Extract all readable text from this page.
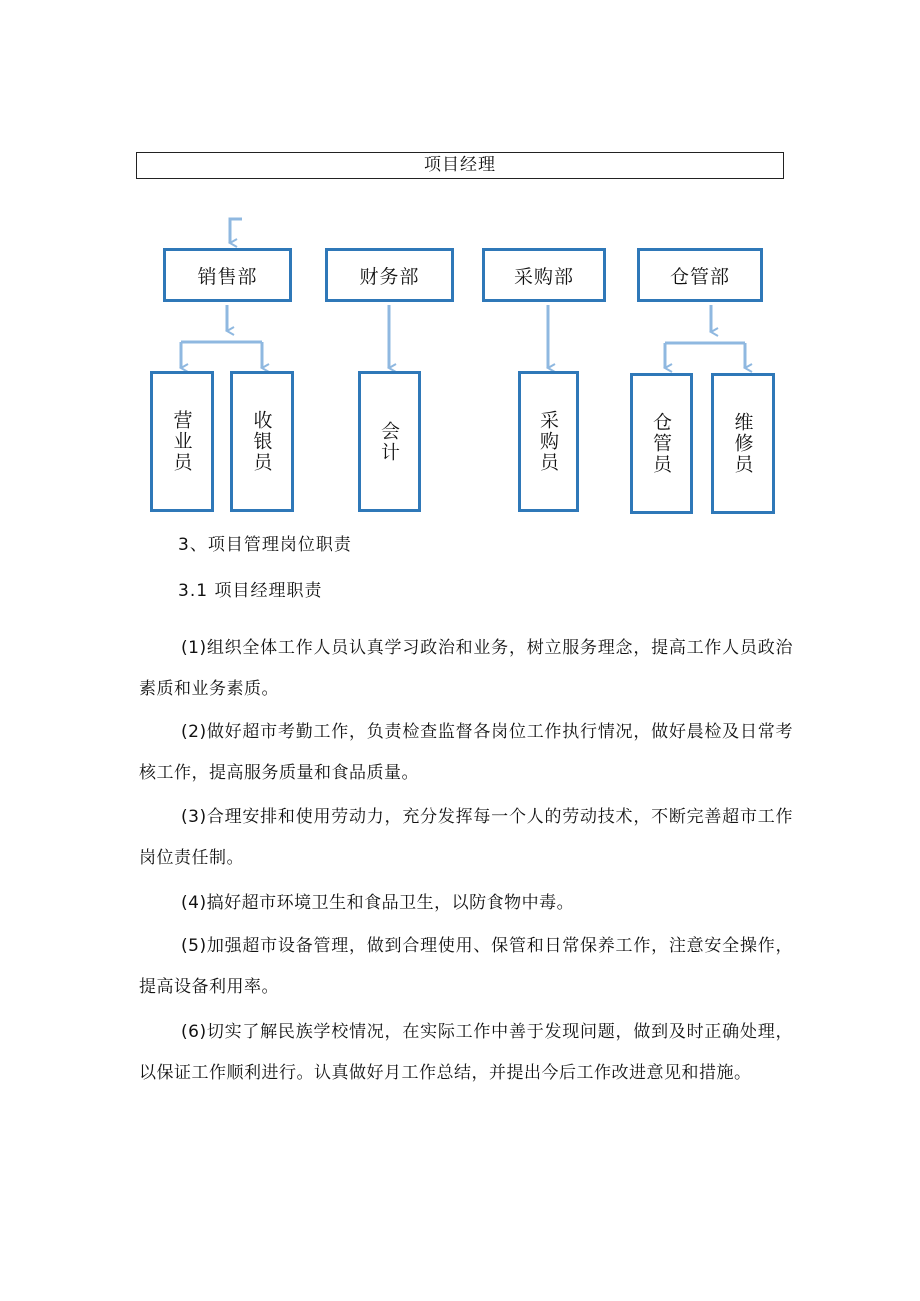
项目经理
销售部	财务部	采购部	仓管部
营业员	收银员	会计	采购员	仓管员	维修员
3、项目管理岗位职责
3.1 项目经理职责

(1)组织全体工作人员认真学习政治和业务，树立服务理念，提高工作人员政治素质和业务素质。

(2)做好超市考勤工作，负责检查监督各岗位工作执行情况，做好晨检及日常考核工作，提高服务质量和食品质量。

(3)合理安排和使用劳动力，充分发挥每一个人的劳动技术，不断完善超市工作岗位责任制。

(4)搞好超市环境卫生和食品卫生，以防食物中毒。

(5)加强超市设备管理，做到合理使用、保管和日常保养工作，注意安全操作，提高设备利用率。

(6)切实了解民族学校情况，在实际工作中善于发现问题，做到及时正确处理，以保证工作顺利进行。认真做好月工作总结，并提出今后工作改进意见和措施。
